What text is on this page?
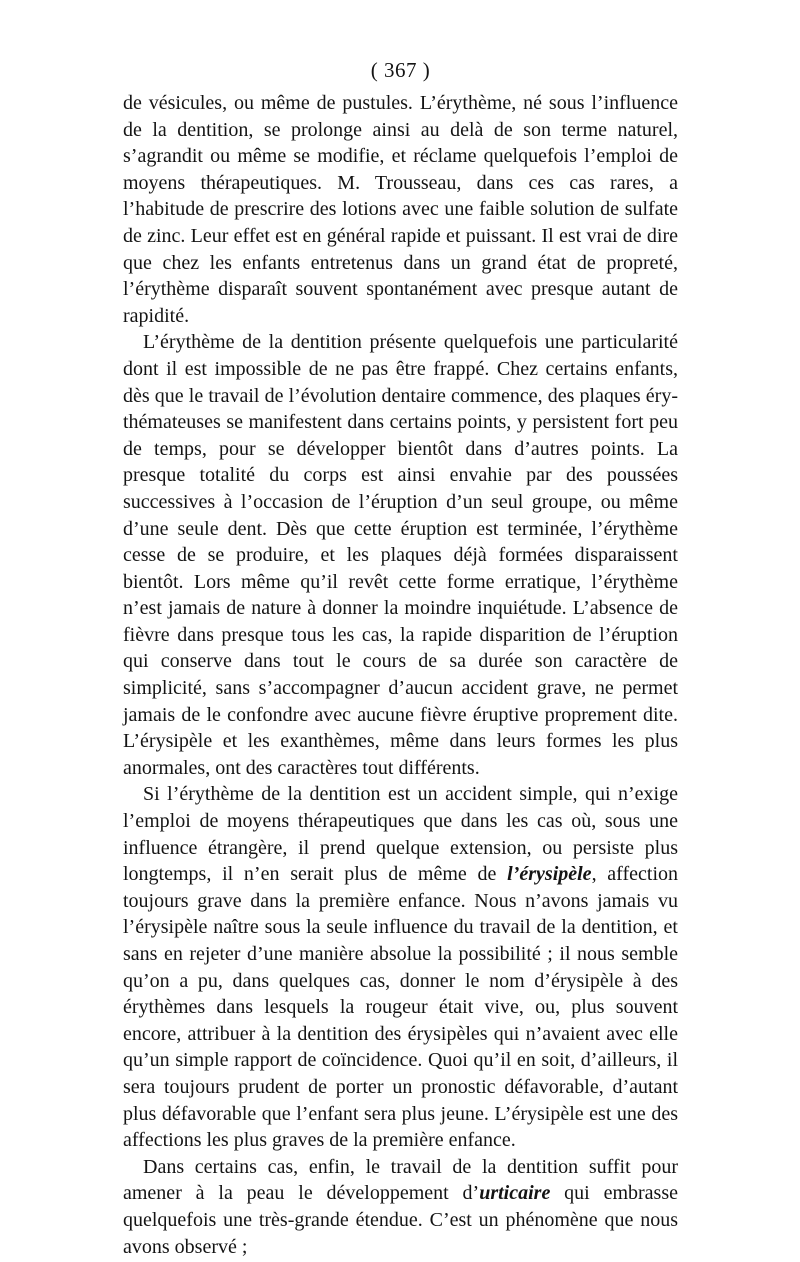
( 367 )

de vésicules, ou même de pustules. L’érythème, né sous l’influence de la dentition, se prolonge ainsi au delà de son terme naturel, s’agrandit ou même se modifie, et réclame quelquefois l’emploi de moyens thérapeutiques. M. Trousseau, dans ces cas rares, a l’habitude de prescrire des lotions avec une faible solution de sulfate de zinc. Leur effet est en général rapide et puissant. Il est vrai de dire que chez les enfants entretenus dans un grand état de propreté, l’érythème disparaît souvent spontanément avec presque autant de rapidité.

L’érythème de la dentition présente quelquefois une particularité dont il est impossible de ne pas être frappé. Chez certains enfants, dès que le travail de l’évolution dentaire commence, des plaques érythémateuses se manifestent dans certains points, y persistent fort peu de temps, pour se développer bientôt dans d’autres points. La presque totalité du corps est ainsi envahie par des poussées successives à l’occasion de l’éruption d’un seul groupe, ou même d’une seule dent. Dès que cette éruption est terminée, l’érythème cesse de se produire, et les plaques déjà formées disparaissent bientôt. Lors même qu’il revêt cette forme erratique, l’érythème n’est jamais de nature à donner la moindre inquiétude. L’absence de fièvre dans presque tous les cas, la rapide disparition de l’éruption qui conserve dans tout le cours de sa durée son caractère de simplicité, sans s’accompagner d’aucun accident grave, ne permet jamais de le confondre avec aucune fièvre éruptive proprement dite. L’érysipèle et les exanthèmes, même dans leurs formes les plus anormales, ont des caractères tout différents.

Si l’érythème de la dentition est un accident simple, qui n’exige l’emploi de moyens thérapeutiques que dans les cas où, sous une influence étrangère, il prend quelque extension, ou persiste plus longtemps, il n’en serait plus de même de l’érysipèle, affection toujours grave dans la première enfance. Nous n’avons jamais vu l’érysipèle naître sous la seule influence du travail de la dentition, et sans en rejeter d’une manière absolue la possibilité ; il nous semble qu’on a pu, dans quelques cas, donner le nom d’érysipèle à des érythèmes dans lesquels la rougeur était vive, ou, plus souvent encore, attribuer à la dentition des érysipèles qui n’avaient avec elle qu’un simple rapport de coïncidence. Quoi qu’il en soit, d’ailleurs, il sera toujours prudent de porter un pronostic défavorable, d’autant plus défavorable que l’enfant sera plus jeune. L’érysipèle est une des affections les plus graves de la première enfance.

Dans certains cas, enfin, le travail de la dentition suffit pour amener à la peau le développement d’urticaire qui embrasse quelquefois une très-grande étendue. C’est un phénomène que nous avons observé ;
